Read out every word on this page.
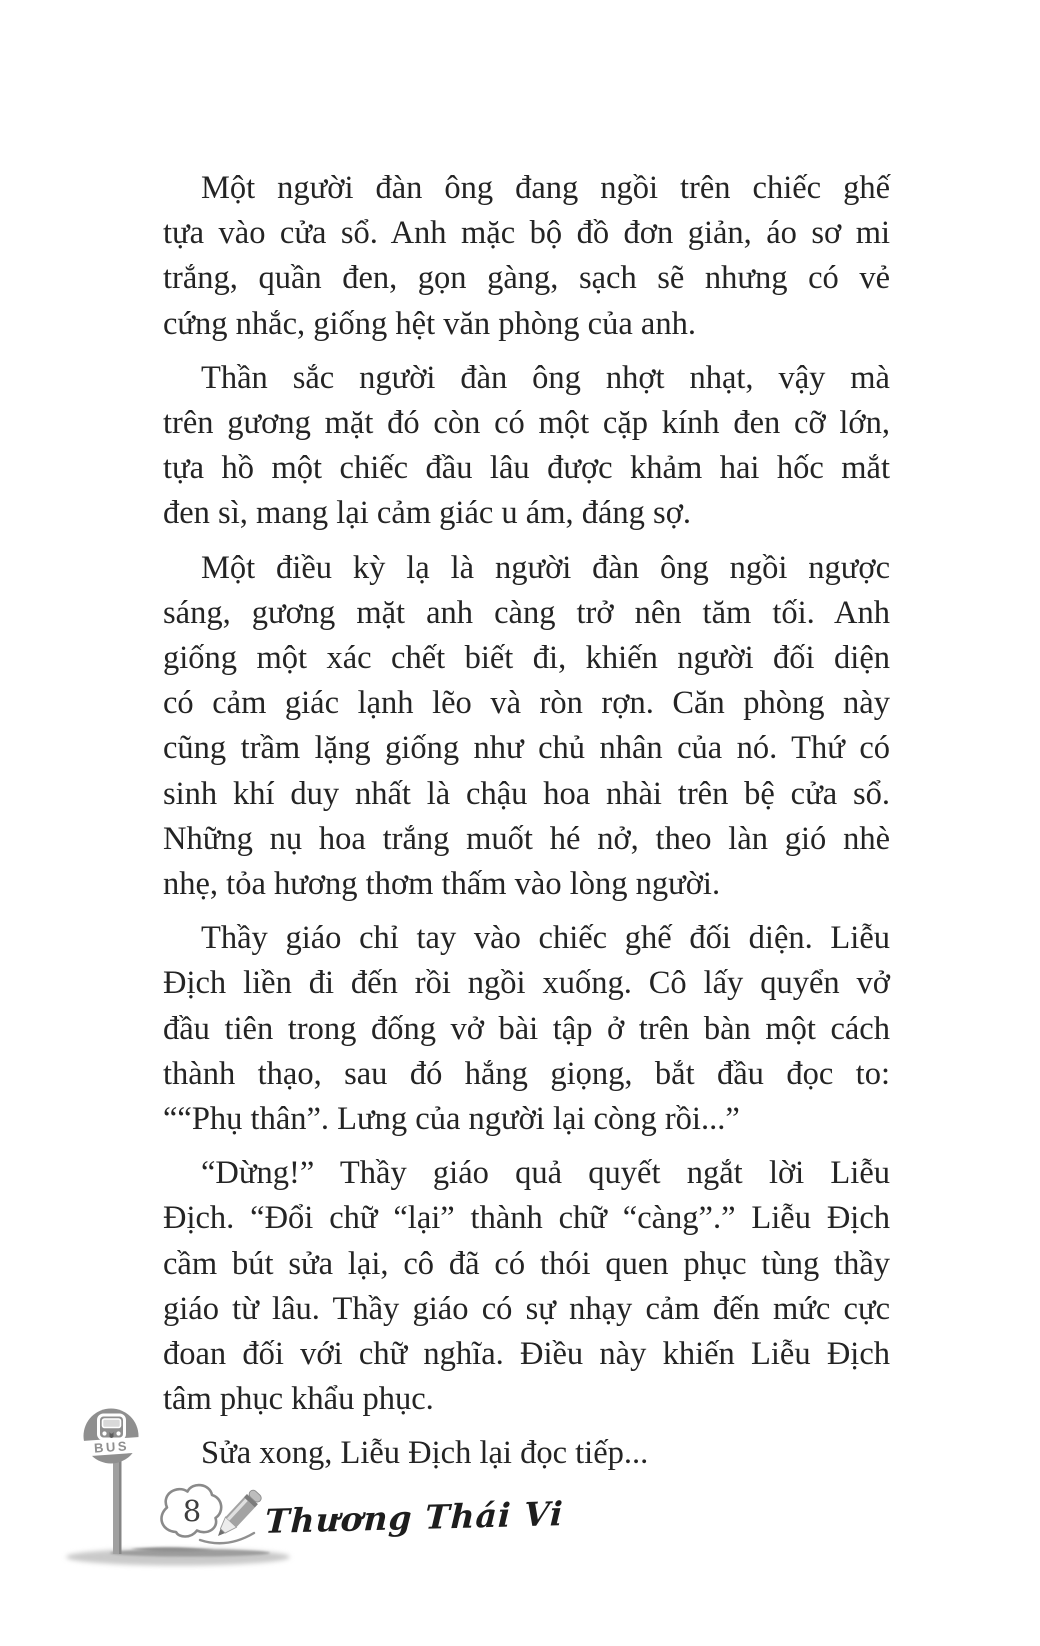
Một người đàn ông đang ngồi trên chiếc ghế
tựa vào cửa sổ. Anh mặc bộ đồ đơn giản, áo sơ mi
trắng, quần đen, gọn gàng, sạch sẽ nhưng có vẻ
cứng nhắc, giống hệt văn phòng của anh.
Thần sắc người đàn ông nhợt nhạt, vậy mà
trên gương mặt đó còn có một cặp kính đen cỡ lớn,
tựa hồ một chiếc đầu lâu được khảm hai hốc mắt
đen sì, mang lại cảm giác u ám, đáng sợ.
Một điều kỳ lạ là người đàn ông ngồi ngược
sáng, gương mặt anh càng trở nên tăm tối. Anh
giống một xác chết biết đi, khiến người đối diện
có cảm giác lạnh lẽo và ròn rợn. Căn phòng này
cũng trầm lặng giống như chủ nhân của nó. Thứ có
sinh khí duy nhất là chậu hoa nhài trên bệ cửa sổ.
Những nụ hoa trắng muốt hé nở, theo làn gió nhè
nhẹ, tỏa hương thơm thấm vào lòng người.
Thầy giáo chỉ tay vào chiếc ghế đối diện. Liễu
Địch liền đi đến rồi ngồi xuống. Cô lấy quyển vở
đầu tiên trong đống vở bài tập ở trên bàn một cách
thành thạo, sau đó hắng giọng, bắt đầu đọc to:
““Phụ thân”. Lưng của người lại còng rồi...”
“Dừng!” Thầy giáo quả quyết ngắt lời Liễu
Địch. “Đổi chữ “lại” thành chữ “càng”.” Liễu Địch
cầm bút sửa lại, cô đã có thói quen phục tùng thầy
giáo từ lâu. Thầy giáo có sự nhạy cảm đến mức cực
đoan đối với chữ nghĩa. Điều này khiến Liễu Địch
tâm phục khẩu phục.
Sửa xong, Liễu Địch lại đọc tiếp...
BUS
8	Thương Thái Vi
